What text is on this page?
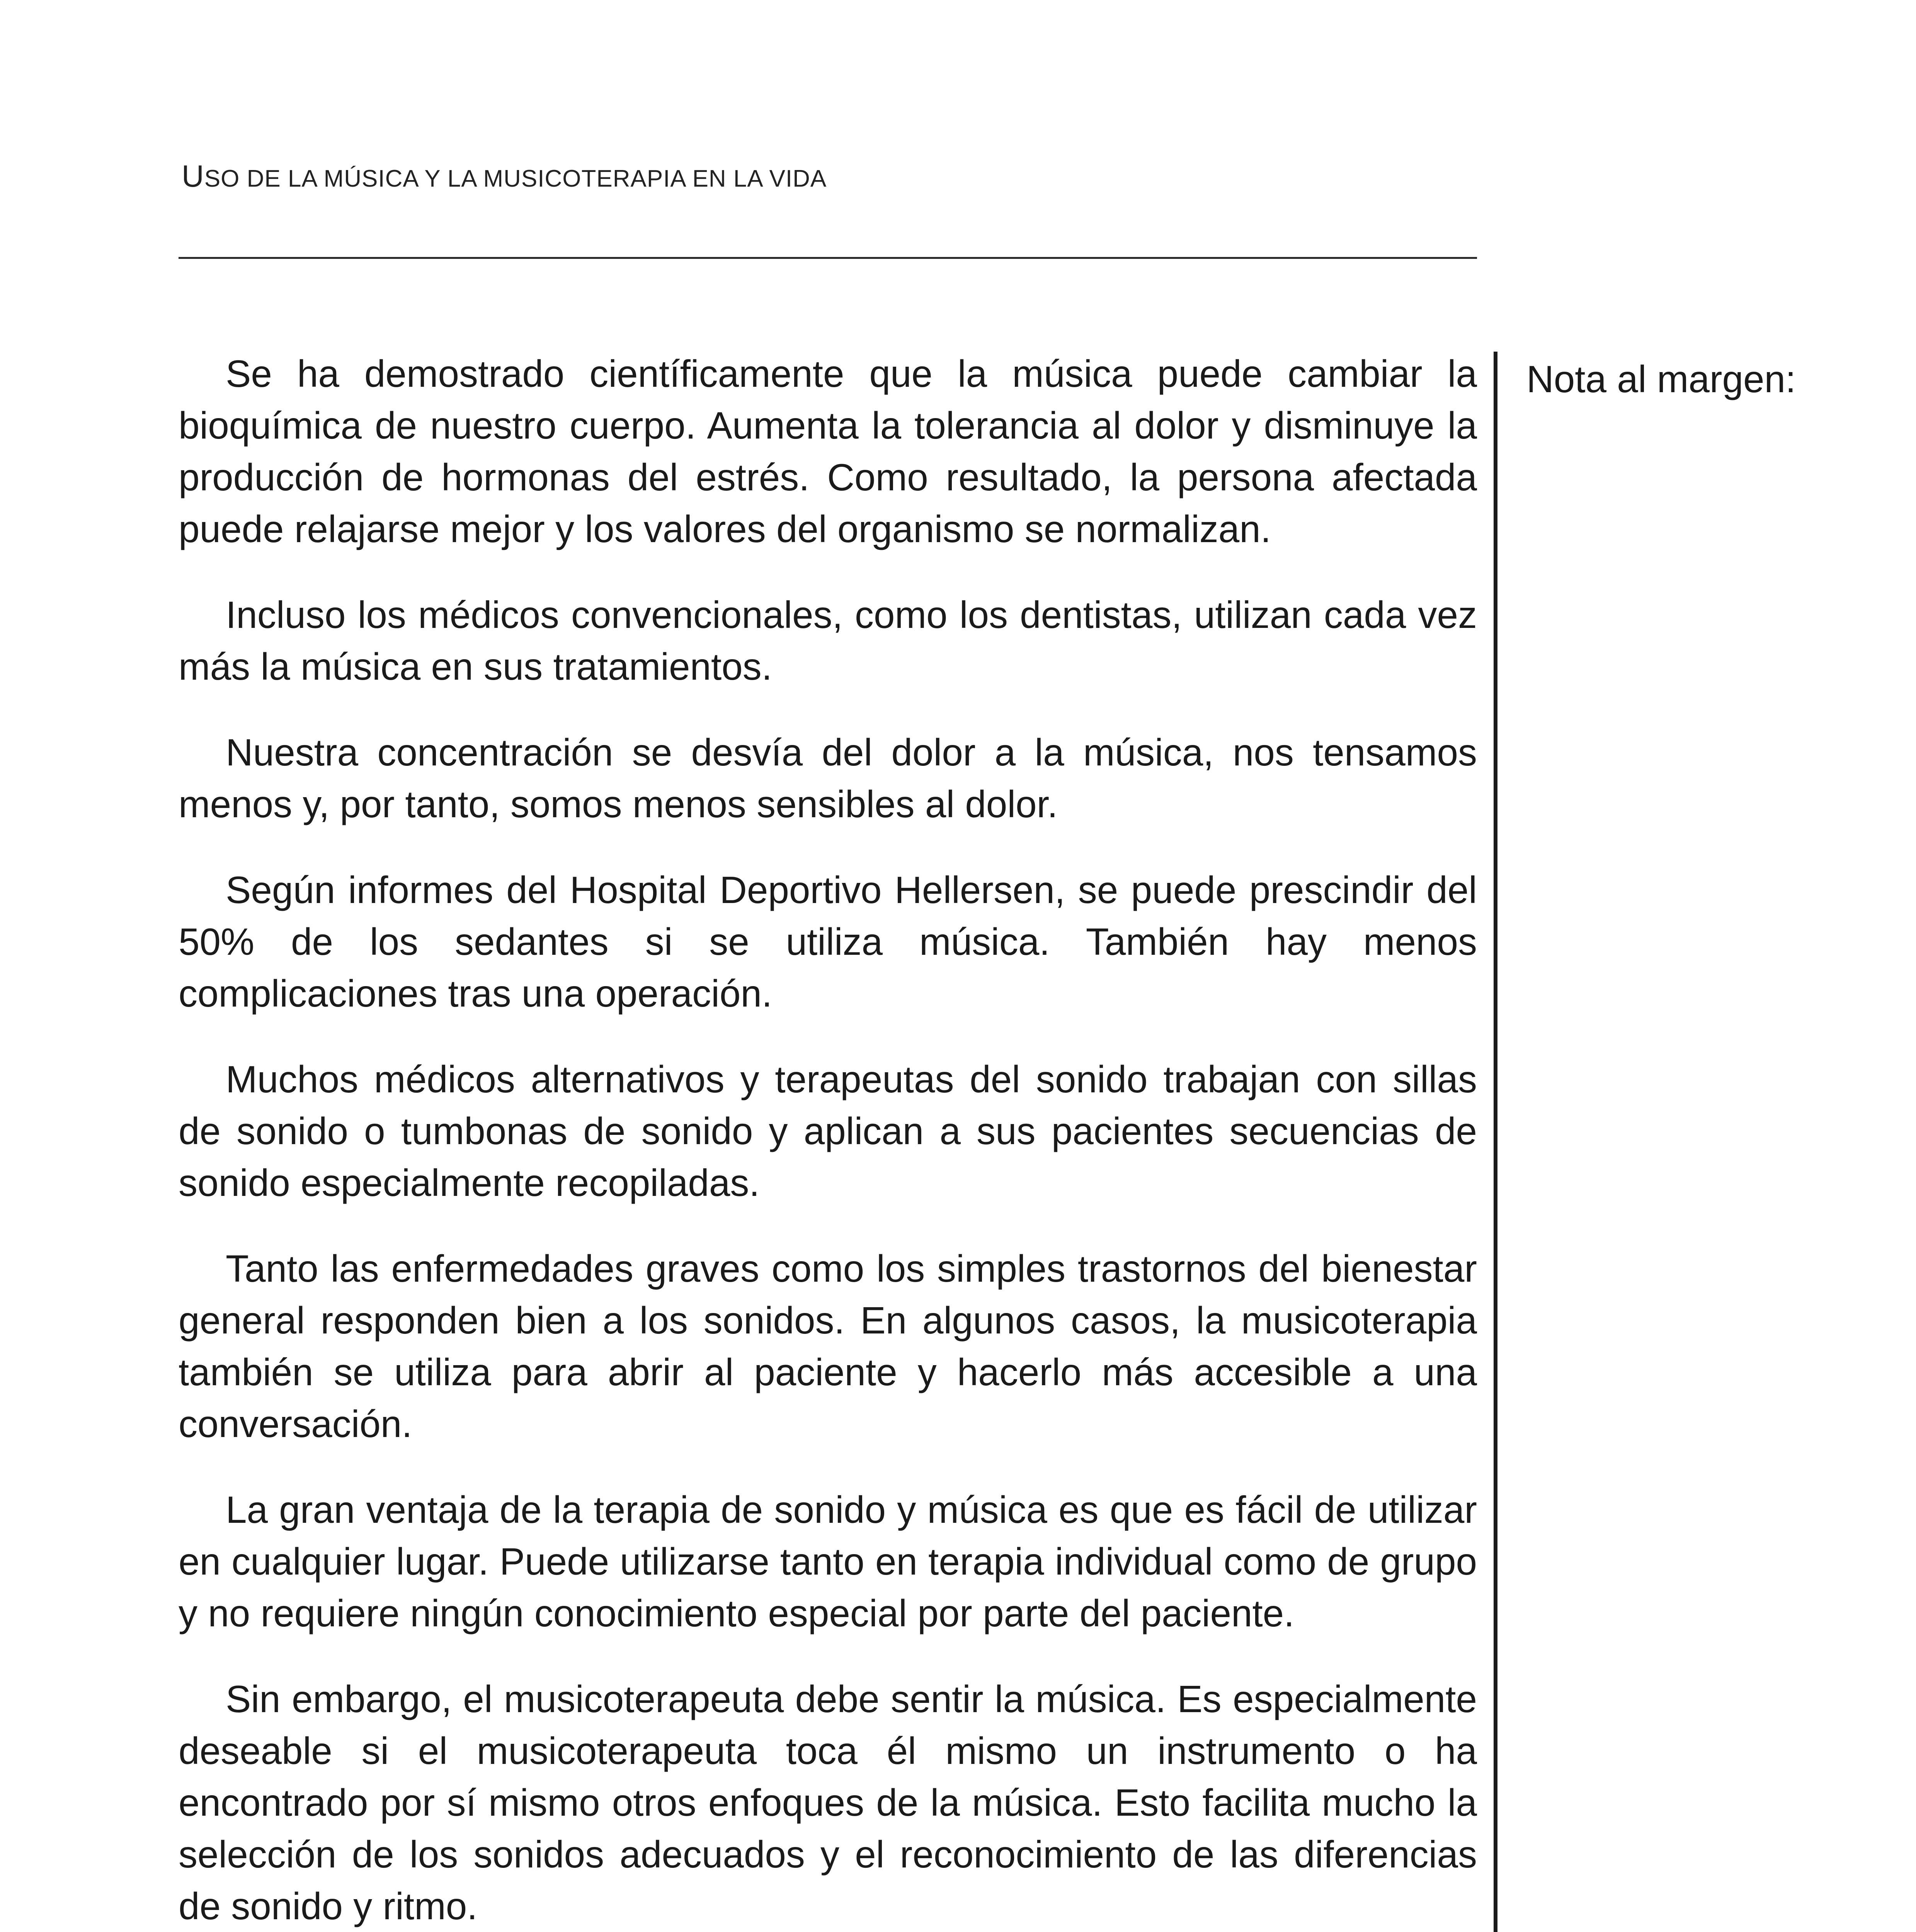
USO DE LA MÚSICA Y LA MUSICOTERAPIA EN LA VIDA
Nota al margen:

Se ha demostrado científicamente que la música puede cambiar la bioquímica de nuestro cuerpo. Aumenta la tolerancia al dolor y disminuye la producción de hormonas del estrés. Como resultado, la persona afectada puede relajarse mejor y los valores del organismo se normalizan.

Incluso los médicos convencionales, como los dentistas, utilizan cada vez más la música en sus tratamientos.

Nuestra concentración se desvía del dolor a la música, nos tensamos menos y, por tanto, somos menos sensibles al dolor.

Según informes del Hospital Deportivo Hellersen, se puede prescindir del 50% de los sedantes si se utiliza música. También hay menos complicaciones tras una operación.

Muchos médicos alternativos y terapeutas del sonido trabajan con sillas de sonido o tumbonas de sonido y aplican a sus pacientes secuencias de sonido especialmente recopiladas.

Tanto las enfermedades graves como los simples trastornos del bienestar general responden bien a los sonidos. En algunos casos, la musicoterapia también se utiliza para abrir al paciente y hacerlo más accesible a una conversación.

La gran ventaja de la terapia de sonido y música es que es fácil de utilizar en cualquier lugar. Puede utilizarse tanto en terapia individual como de grupo y no requiere ningún conocimiento especial por parte del paciente.

Sin embargo, el musicoterapeuta debe sentir la música. Es especialmente deseable si el musicoterapeuta toca él mismo un instrumento o ha encontrado por sí mismo otros enfoques de la música. Esto facilita mucho la selección de los sonidos adecuados y el reconocimiento de las diferencias de sonido y ritmo.
